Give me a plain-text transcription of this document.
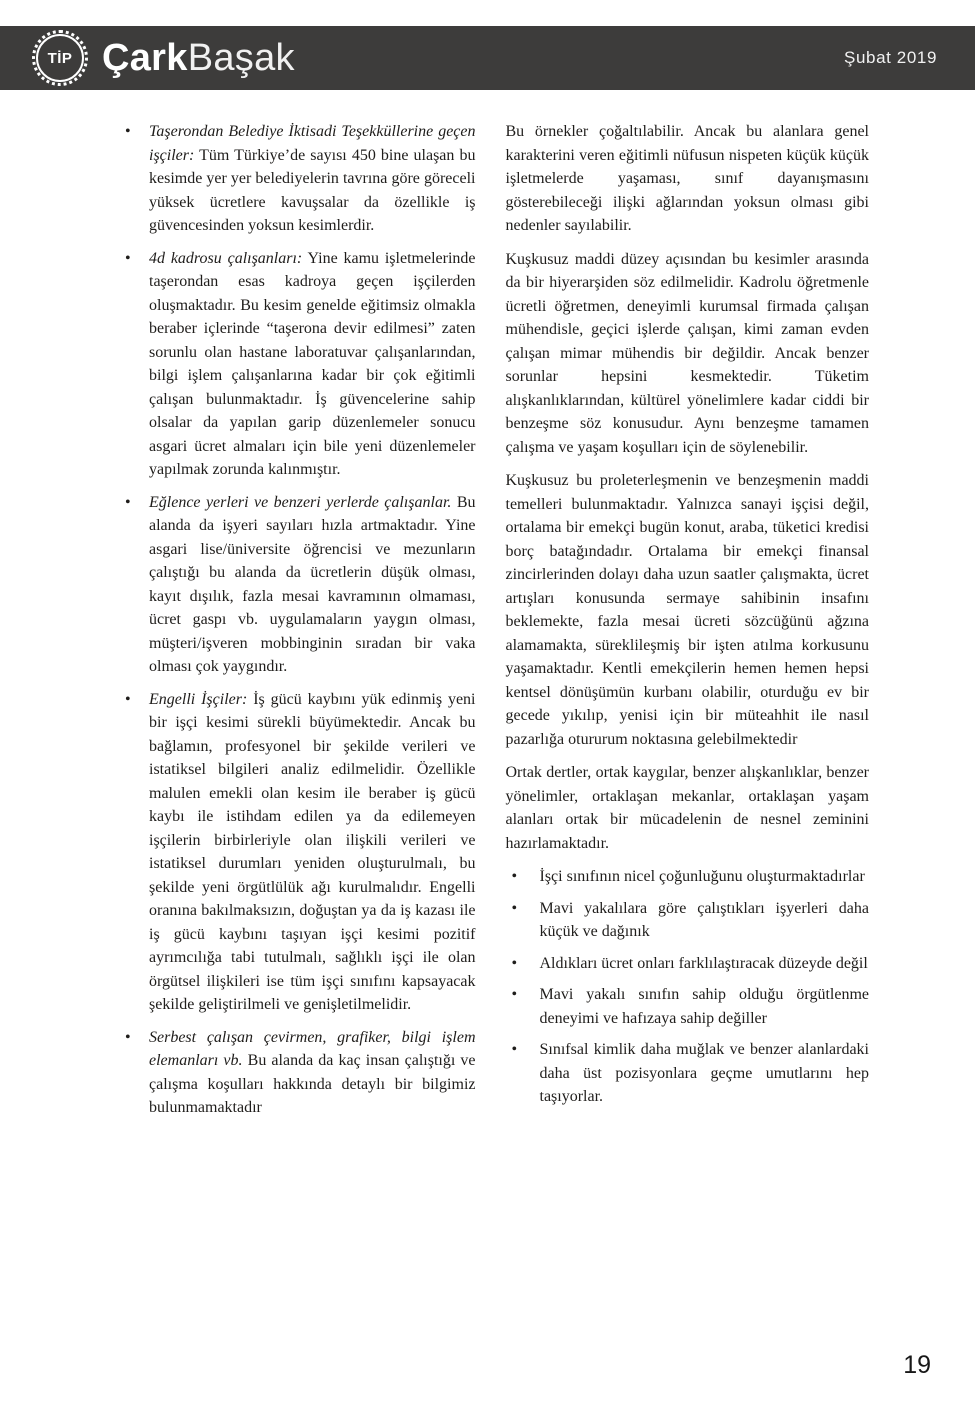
TİP ÇarkBaşak	Şubat 2019
• Taşerondan Belediye İktisadi Teşekküllerine geçen işçiler: Tüm Türkiye’de sayısı 450 bine ulaşan bu kesimde yer yer belediyelerin tavrına göre göreceli yüksek ücretlere kavuşsalar da özellikle iş güvencesinden yoksun kesimlerdir.
• 4d kadrosu çalışanları: Yine kamu işletmelerinde taşerondan esas kadroya geçen işçilerden oluşmaktadır. Bu kesim genelde eğitimsiz olmakla beraber içlerinde “taşerona devir edilmesi” zaten sorunlu olan hastane laboratuvar çalışanlarından, bilgi işlem çalışanlarına kadar bir çok eğitimli çalışan bulunmaktadır. İş güvencelerine sahip olsalar da yapılan garip düzenlemeler sonucu asgari ücret almaları için bile yeni düzenlemeler yapılmak zorunda kalınmıştır.
• Eğlence yerleri ve benzeri yerlerde çalışanlar. Bu alanda da işyeri sayıları hızla artmaktadır. Yine asgari lise/üniversite öğrencisi ve mezunların çalıştığı bu alanda da ücretlerin düşük olması, kayıt dışılık, fazla mesai kavramının olmaması, ücret gaspı vb. uygulamaların yaygın olması, müşteri/işveren mobbinginin sıradan bir vaka olması çok yaygındır.
• Engelli İşçiler: İş gücü kaybını yük edinmiş yeni bir işçi kesimi sürekli büyümektedir. Ancak bu bağlamın, profesyonel bir şekilde verileri ve istatiksel bilgileri analiz edilmelidir. Özellikle malulen emekli olan kesim ile beraber iş gücü kaybı ile istihdam edilen ya da edilemeyen işçilerin birbirleriyle olan ilişkili verileri ve istatiksel durumları yeniden oluşturulmalı, bu şekilde yeni örgütlülük ağı kurulmalıdır. Engelli oranına bakılmaksızın, doğuştan ya da iş kazası ile iş gücü kaybını taşıyan işçi kesimi pozitif ayrımcılığa tabi tutulmalı, sağlıklı işçi ile olan örgütsel ilişkileri ise tüm işçi sınıfını kapsayacak şekilde geliştirilmeli ve genişletilmelidir.
• Serbest çalışan çevirmen, grafiker, bilgi işlem elemanları vb. Bu alanda da kaç insan çalıştığı ve çalışma koşulları hakkında detaylı bir bilgimiz bulunmamaktadır

Bu örnekler çoğaltılabilir. Ancak bu alanlara genel karakterini veren eğitimli nüfusun nispeten küçük küçük işletmelerde yaşaması, sınıf dayanışmasını gösterebileceği ilişki ağlarından yoksun olması gibi nedenler sayılabilir.

Kuşkusuz maddi düzey açısından bu kesimler arasında da bir hiyerarşiden söz edilmelidir. Kadrolu öğretmenle ücretli öğretmen, deneyimli kurumsal firmada çalışan mühendisle, geçici işlerde çalışan, kimi zaman evden çalışan mimar mühendis bir değildir. Ancak benzer sorunlar hepsini kesmektedir. Tüketim alışkanlıklarından, kültürel yönelimlere kadar ciddi bir benzeşme söz konusudur. Aynı benzeşme tamamen çalışma ve yaşam koşulları için de söylenebilir.

Kuşkusuz bu proleterleşmenin ve benzeşmenin maddi temelleri bulunmaktadır. Yalnızca sanayi işçisi değil, ortalama bir emekçi bugün konut, araba, tüketici kredisi borç batağındadır. Ortalama bir emekçi finansal zincirlerinden dolayı daha uzun saatler çalışmakta, ücret artışları konusunda sermaye sahibinin insafını beklemekte, fazla mesai ücreti sözcüğünü ağzına alamamakta, süreklileşmiş bir işten atılma korkusunu yaşamaktadır. Kentli emekçilerin hemen hemen hepsi kentsel dönüşümün kurbanı olabilir, oturduğu ev bir gecede yıkılıp, yenisi için bir müteahhit ile nasıl pazarlığa otururum noktasına gelebilmektedir

Ortak dertler, ortak kaygılar, benzer alışkanlıklar, benzer yönelimler, ortaklaşan mekanlar, ortaklaşan yaşam alanları ortak bir mücadelenin de nesnel zeminini hazırlamaktadır.

• İşçi sınıfının nicel çoğunluğunu oluşturmaktadırlar
• Mavi yakalılara göre çalıştıkları işyerleri daha küçük ve dağınık
• Aldıkları ücret onları farklılaştıracak düzeyde değil
• Mavi yakalı sınıfın sahip olduğu örgütlenme deneyimi ve hafızaya sahip değiller
• Sınıfsal kimlik daha muğlak ve benzer alanlardaki daha üst pozisyonlara geçme umutlarını hep taşıyorlar.
19
